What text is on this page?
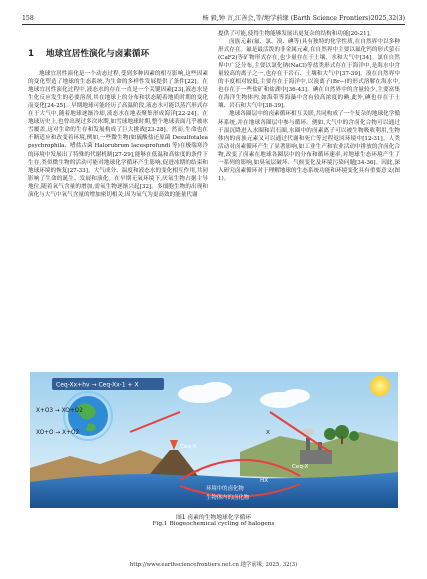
158	杨 毅,钟 言,江善会,等/地学前缘 (Earth Science Frontiers)2025,32(3)
1 地球宜居性演化与卤素循环

地球宜居性演化是一个动态过程,受到多种因素的相互影响,这些因素的变化塑造了地球的生态系统,为生命的多样性发展提供了条件[22]。在地球宜居性演化过程中,液态水的存在一直是一个关键因素[23],液态水是生化反应发生的必要溶剂,其在地球上的分布和状态随着地质时期的变化而变化[24-25]。早期地球可能经历了高温阶段,液态水可能以蒸汽形式存在于大气中,随着地球逐渐冷却,液态水在地表聚集形成海洋[22-24]。在地球历史上,也曾出现过多次冰期,如雪球地球时期,整个地球表面几乎被冰雪覆盖,这对生命的生存和发展构成了巨大挑战[23-28]。然而,生命也在不断适应和改变着环境,例如,一些微生物(如硫酸盐还原菌 Desulfotalea psychrophila、嗜盐古菌 Halorubrum lacusprofundi 等)在极端寒冷的环境中发展出了特殊的代谢机制[27-29],能够在低温和高盐度的条件下生存,类似微生物的活动可能对地球化学循环产生影响,促进冰期的结束和地球环境的恢复[27-33]。大气成分、温度和液态水的变化相互作用,共同影响了生命的诞生、发展和演化。在早期无氧环境下,厌氧生物占据主导地位,随着氧气含量的增加,需氧生物逐渐兴起[32]。多细胞生物的出现和演化与大气中氧气含量的增加密切相关,因为氧气为更高效的能量代谢

提供了可能,使得生物能够发展出更复杂的结构和功能[20-21]。

卤族元素(氟、氯、溴、碘等)具有独特的化学性质,在自然界中以多种形式存在。氟是最活泼的非金属元素,在自然界中主要以氟化钙的形式萤石(CaF2)等矿物形式存在,也少量存在于土壤、水和大气中[34]。氯在自然界中广泛分布,主要以氯化钠(NaCl)等盐类形式存在于海洋中,是海水中含量较高的离子之一,也存在于岩石、土壤和大气中[37-39]。溴在自然界中的丰度相对较低,主要存在于海洋中,以溴离子(Br−)的形式溶解在海水中,也存在于一些盐矿和盐湖中[36-43]。碘在自然界中的含量较少,主要富集在海洋生物体内,如海带等海藻中含有较高浓度的碘,此外,碘也存在于土壤、岩石和大气中[38-39]。

地球各圈层中的卤素循环相互关联,共同构成了一个复杂的地球化学循环系统,并在地球各圈层中参与循环。例如,大气中的含卤化合物可以通过干湿沉降进入水圈和岩石圈,水圈中的卤素离子可以被生物吸收利用,生物体内的卤族元素又可以通过代谢和死亡等过程返回环境中[12-31]。人类活动对卤素循环产生了显著影响,如工业生产和农业活动中排放的含卤化合物,改变了卤素在地球各圈层中的分布和循环速率,对地球生态环境产生了一系列的影响,如臭氧层破坏、气候变化及环境污染问题[34-36]。因此,深入研究卤素循环对于理解地球的生态系统功能和环境变化具有重要意义(图1)。

Ceq-Xx+hv → Ceq-Xx-1 + X
X+O3 → XO+O2
XO+O → X+O2
环境中的卤化物
生物体内的卤化物
Ceq-X
Ceq-X
X
HX
图1 卤素的生物地球化学循环
Fig.1 Biogeochemical cycling of halogens
http://www.earthsciencefrontiers.net.cn 地学前缘, 2025, 32(3)
